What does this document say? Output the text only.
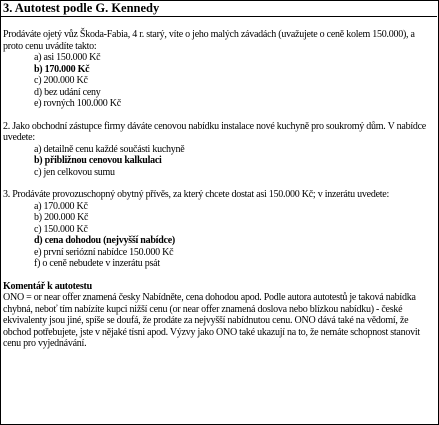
3. Autotest podle G. Kennedy

Prodáváte ojetý vůz Škoda-Fabia, 4 r. starý, víte o jeho malých závadách (uvažujete o ceně kolem 150.000), a proto cenu uvádíte takto:

a) asi 150.000 Kč
b) 170.000 Kč
c) 200.000 Kč
d) bez udání ceny
e) rovných 100.000 Kč

2. Jako obchodní zástupce firmy dáváte cenovou nabídku instalace nové kuchyně pro soukromý dům. V nabídce uvedete:

a) detailně cenu každé součásti kuchyně
b) přibližnou cenovou kalkulaci
c) jen celkovou sumu

3. Prodáváte provozuschopný obytný přívěs, za který chcete dostat asi 150.000 Kč; v inzerátu uvedete:

a) 170.000 Kč
b) 200.000 Kč
c) 150.000 Kč
d) cena dohodou (nejvyšší nabídce)
e) první seriózní nabídce 150.000 Kč
f) o ceně nebudete v inzerátu psát

Komentář k autotestu

ONO = or near offer znamená česky Nabídněte, cena dohodou apod. Podle autora autotestů je taková nabídka chybná, neboť tím nabízíte kupci nižší cenu (or near offer znamená doslova nebo blízkou nabídku) - české ekvivalenty jsou jiné, spíše se doufá, že prodáte za nejvyšší nabídnutou cenu. ONO dává také na vědomí, že obchod potřebujete, jste v nějaké tísni apod. Výzvy jako ONO také ukazují na to, že nemáte schopnost stanovit cenu pro vyjednávání.
